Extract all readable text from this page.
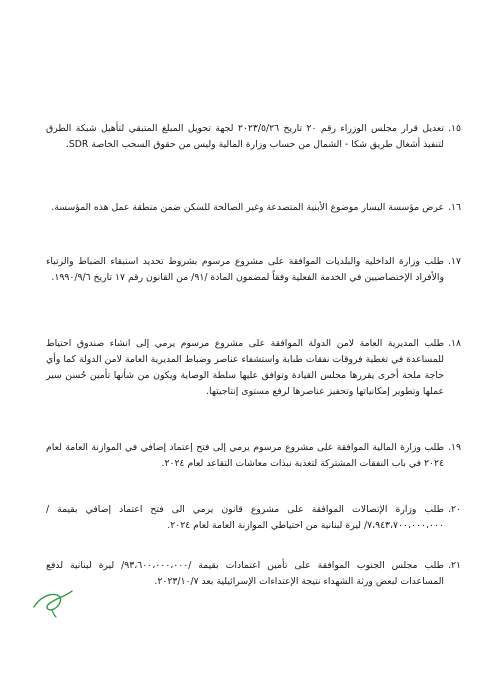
١٥.

تعديل قرار مجلس الوزراء رقم ٢٠ تاريخ ٢٠٢٣/٥/٢٦ لجهة تحويل المبلغ المتبقي لتأهيل شبكة الطرق لتنفيذ أشغال طريق شكا - الشمال من حساب وزارة المالية وليس من حقوق السحب الخاصة SDR.

١٦.

عرض مؤسسة اليسار موضوع الأبنية المتصدعة وغير الصالحة للسكن ضمن منطقة عمل هذه المؤسسة.

١٧.

طلب وزارة الداخلية والبلديات الموافقة على مشروع مرسوم بشروط تحديد استبقاء الضباط والرتباء والأفراد الإختصاصيين في الخدمة الفعلية وفقاً لمضمون المادة /٩١/ من القانون رقم ١٧ تاريخ ١٩٩٠/٩/٦.

١٨.

طلب المديرية العامة لامن الدولة الموافقة على مشروع مرسوم يرمي إلى انشاء صندوق احتياط للمساعدة في تغطية فروقات نفقات طبابة واستشفاء عناصر وضباط المديرية العامة لامن الدولة كما وأي حاجة ملحة أخرى يقررها مجلس القيادة وتوافق عليها سلطة الوصاية ويكون من شأنها تأمين حُسن سير عملها وتطوير إمكانياتها وتحفيز عناصرها لرفع مستوى إنتاجيتها.

١٩.

طلب وزارة المالية الموافقة على مشروع مرسوم يرمي إلى فتح إعتماد إضافي في الموازنة العامة لعام ٢٠٢٤ في باب النفقات المشتركة لتغذية نبذات معاشات التقاعد لعام ٢٠٢٤.

٢٠.

طلب وزارة الإتصالات الموافقة على مشروع قانون يرمي الى فتح اعتماد إضافي بقيمة /٧،٩٤٣،٧٠٠،٠٠٠،٠٠٠/ ليرة لبنانية من احتياطي الموازنة العامة لعام ٢٠٢٤.

٢١.

طلب مجلس الجنوب الموافقة على تأمين اعتمادات بقيمة /٩٣،٦٠٠،٠٠٠،٠٠٠/ ليرة لبنانية لدفع المساعدات لبعض ورثة الشهداء نتيجة الإعتداءات الإسرائيلية بعد ٢٠٢٣/١٠/٧.
